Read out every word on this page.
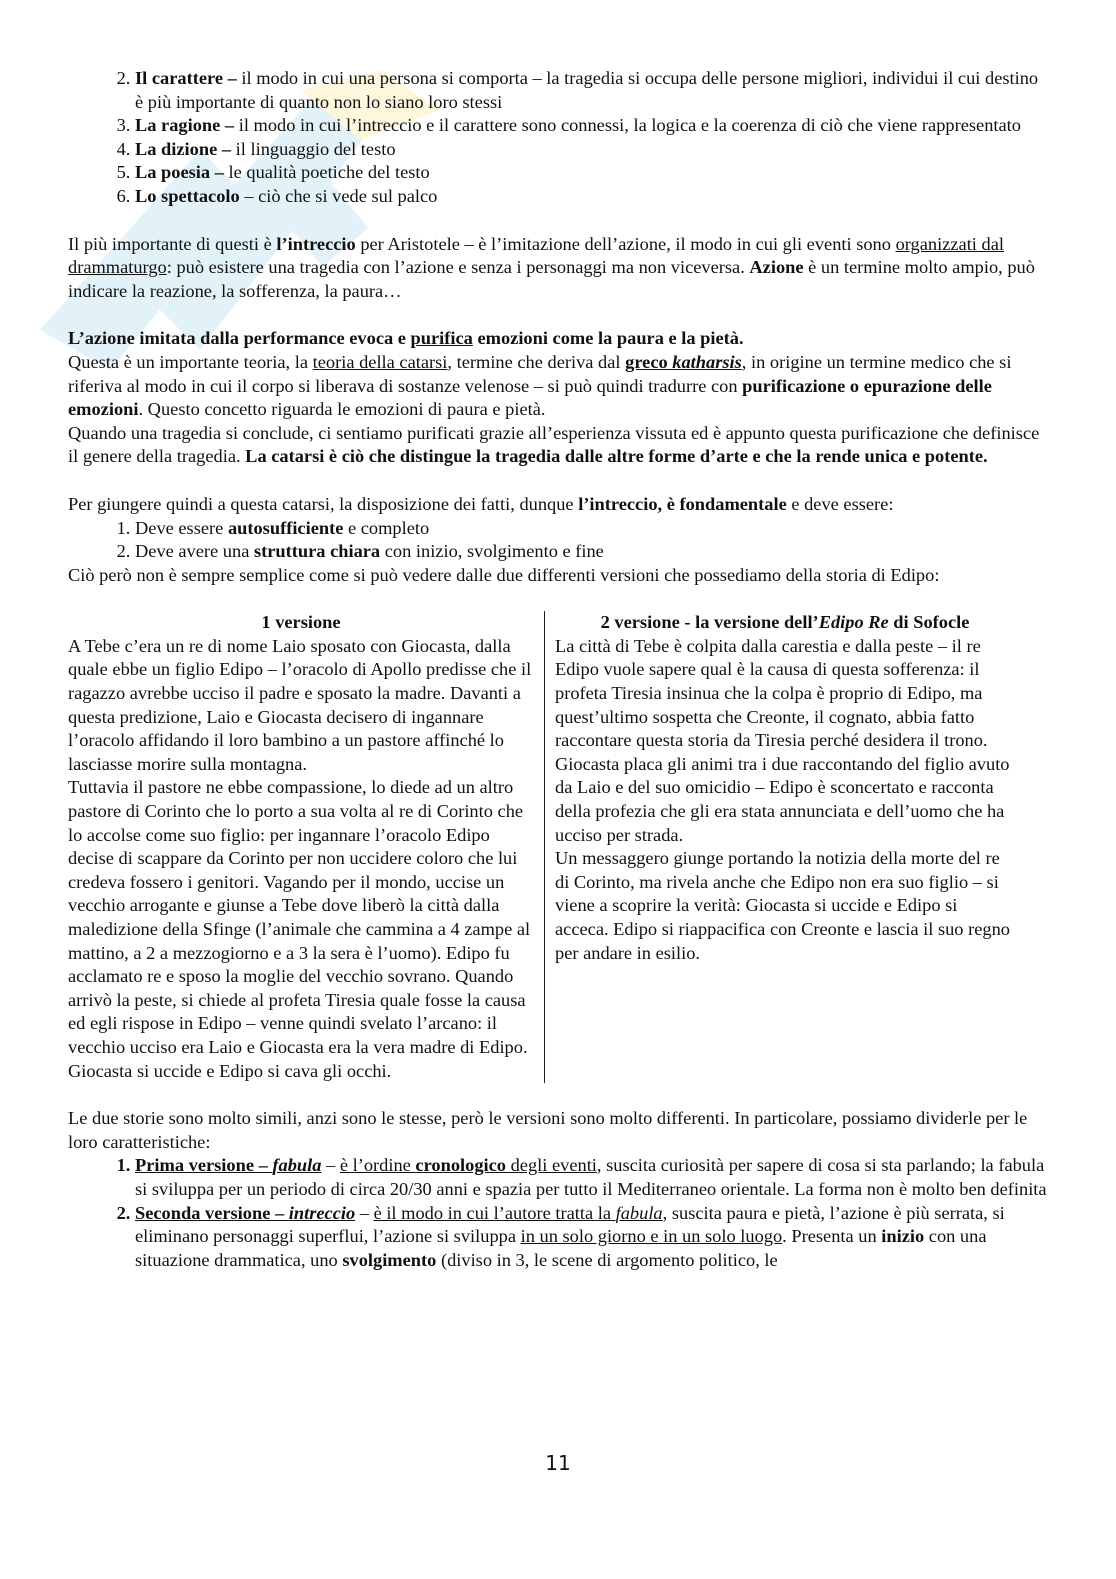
2. Il carattere – il modo in cui una persona si comporta – la tragedia si occupa delle persone migliori, individui il cui destino è più importante di quanto non lo siano loro stessi
3. La ragione – il modo in cui l’intreccio e il carattere sono connessi, la logica e la coerenza di ciò che viene rappresentato
4. La dizione – il linguaggio del testo
5. La poesia – le qualità poetiche del testo
6. Lo spettacolo – ciò che si vede sul palco

Il più importante di questi è l’intreccio per Aristotele – è l’imitazione dell’azione, il modo in cui gli eventi sono organizzati dal drammaturgo: può esistere una tragedia con l’azione e senza i personaggi ma non viceversa. Azione è un termine molto ampio, può indicare la reazione, la sofferenza, la paura…

L’azione imitata dalla performance evoca e purifica emozioni come la paura e la pietà.

Questa è un importante teoria, la teoria della catarsi, termine che deriva dal greco katharsis, in origine un termine medico che si riferiva al modo in cui il corpo si liberava di sostanze velenose – si può quindi tradurre con purificazione o epurazione delle emozioni. Questo concetto riguarda le emozioni di paura e pietà.

Quando una tragedia si conclude, ci sentiamo purificati grazie all’esperienza vissuta ed è appunto questa purificazione che definisce il genere della tragedia. La catarsi è ciò che distingue la tragedia dalle altre forme d’arte e che la rende unica e potente.

Per giungere quindi a questa catarsi, la disposizione dei fatti, dunque l’intreccio, è fondamentale e deve essere:

1. Deve essere autosufficiente e completo
2. Deve avere una struttura chiara con inizio, svolgimento e fine

Ciò però non è sempre semplice come si può vedere dalle due differenti versioni che possediamo della storia di Edipo:

1 versione

A Tebe c’era un re di nome Laio sposato con Giocasta, dalla quale ebbe un figlio Edipo – l’oracolo di Apollo predisse che il ragazzo avrebbe ucciso il padre e sposato la madre. Davanti a questa predizione, Laio e Giocasta decisero di ingannare l’oracolo affidando il loro bambino a un pastore affinché lo lasciasse morire sulla montagna.

Tuttavia il pastore ne ebbe compassione, lo diede ad un altro pastore di Corinto che lo porto a sua volta al re di Corinto che lo accolse come suo figlio: per ingannare l’oracolo Edipo decise di scappare da Corinto per non uccidere coloro che lui credeva fossero i genitori. Vagando per il mondo, uccise un vecchio arrogante e giunse a Tebe dove liberò la città dalla maledizione della Sfinge (l’animale che cammina a 4 zampe al mattino, a 2 a mezzogiorno e a 3 la sera è l’uomo). Edipo fu acclamato re e sposo la moglie del vecchio sovrano. Quando arrivò la peste, si chiede al profeta Tiresia quale fosse la causa ed egli rispose in Edipo – venne quindi svelato l’arcano: il vecchio ucciso era Laio e Giocasta era la vera madre di Edipo.

Giocasta si uccide e Edipo si cava gli occhi.

2 versione - la versione dell’Edipo Re di Sofocle

La città di Tebe è colpita dalla carestia e dalla peste – il re Edipo vuole sapere qual è la causa di questa sofferenza: il profeta Tiresia insinua che la colpa è proprio di Edipo, ma quest’ultimo sospetta che Creonte, il cognato, abbia fatto raccontare questa storia da Tiresia perché desidera il trono. Giocasta placa gli animi tra i due raccontando del figlio avuto da Laio e del suo omicidio – Edipo è sconcertato e racconta della profezia che gli era stata annunciata e dell’uomo che ha ucciso per strada.

Un messaggero giunge portando la notizia della morte del re di Corinto, ma rivela anche che Edipo non era suo figlio – si viene a scoprire la verità: Giocasta si uccide e Edipo si acceca. Edipo si riappacifica con Creonte e lascia il suo regno per andare in esilio.

Le due storie sono molto simili, anzi sono le stesse, però le versioni sono molto differenti. In particolare, possiamo dividerle per le loro caratteristiche:

1. Prima versione – fabula – è l’ordine cronologico degli eventi, suscita curiosità per sapere di cosa si sta parlando; la fabula si sviluppa per un periodo di circa 20/30 anni e spazia per tutto il Mediterraneo orientale. La forma non è molto ben definita
2. Seconda versione – intreccio – è il modo in cui l’autore tratta la fabula, suscita paura e pietà, l’azione è più serrata, si eliminano personaggi superflui, l’azione si sviluppa in un solo giorno e in un solo luogo. Presenta un inizio con una situazione drammatica, uno svolgimento (diviso in 3, le scene di argomento politico, le
11
